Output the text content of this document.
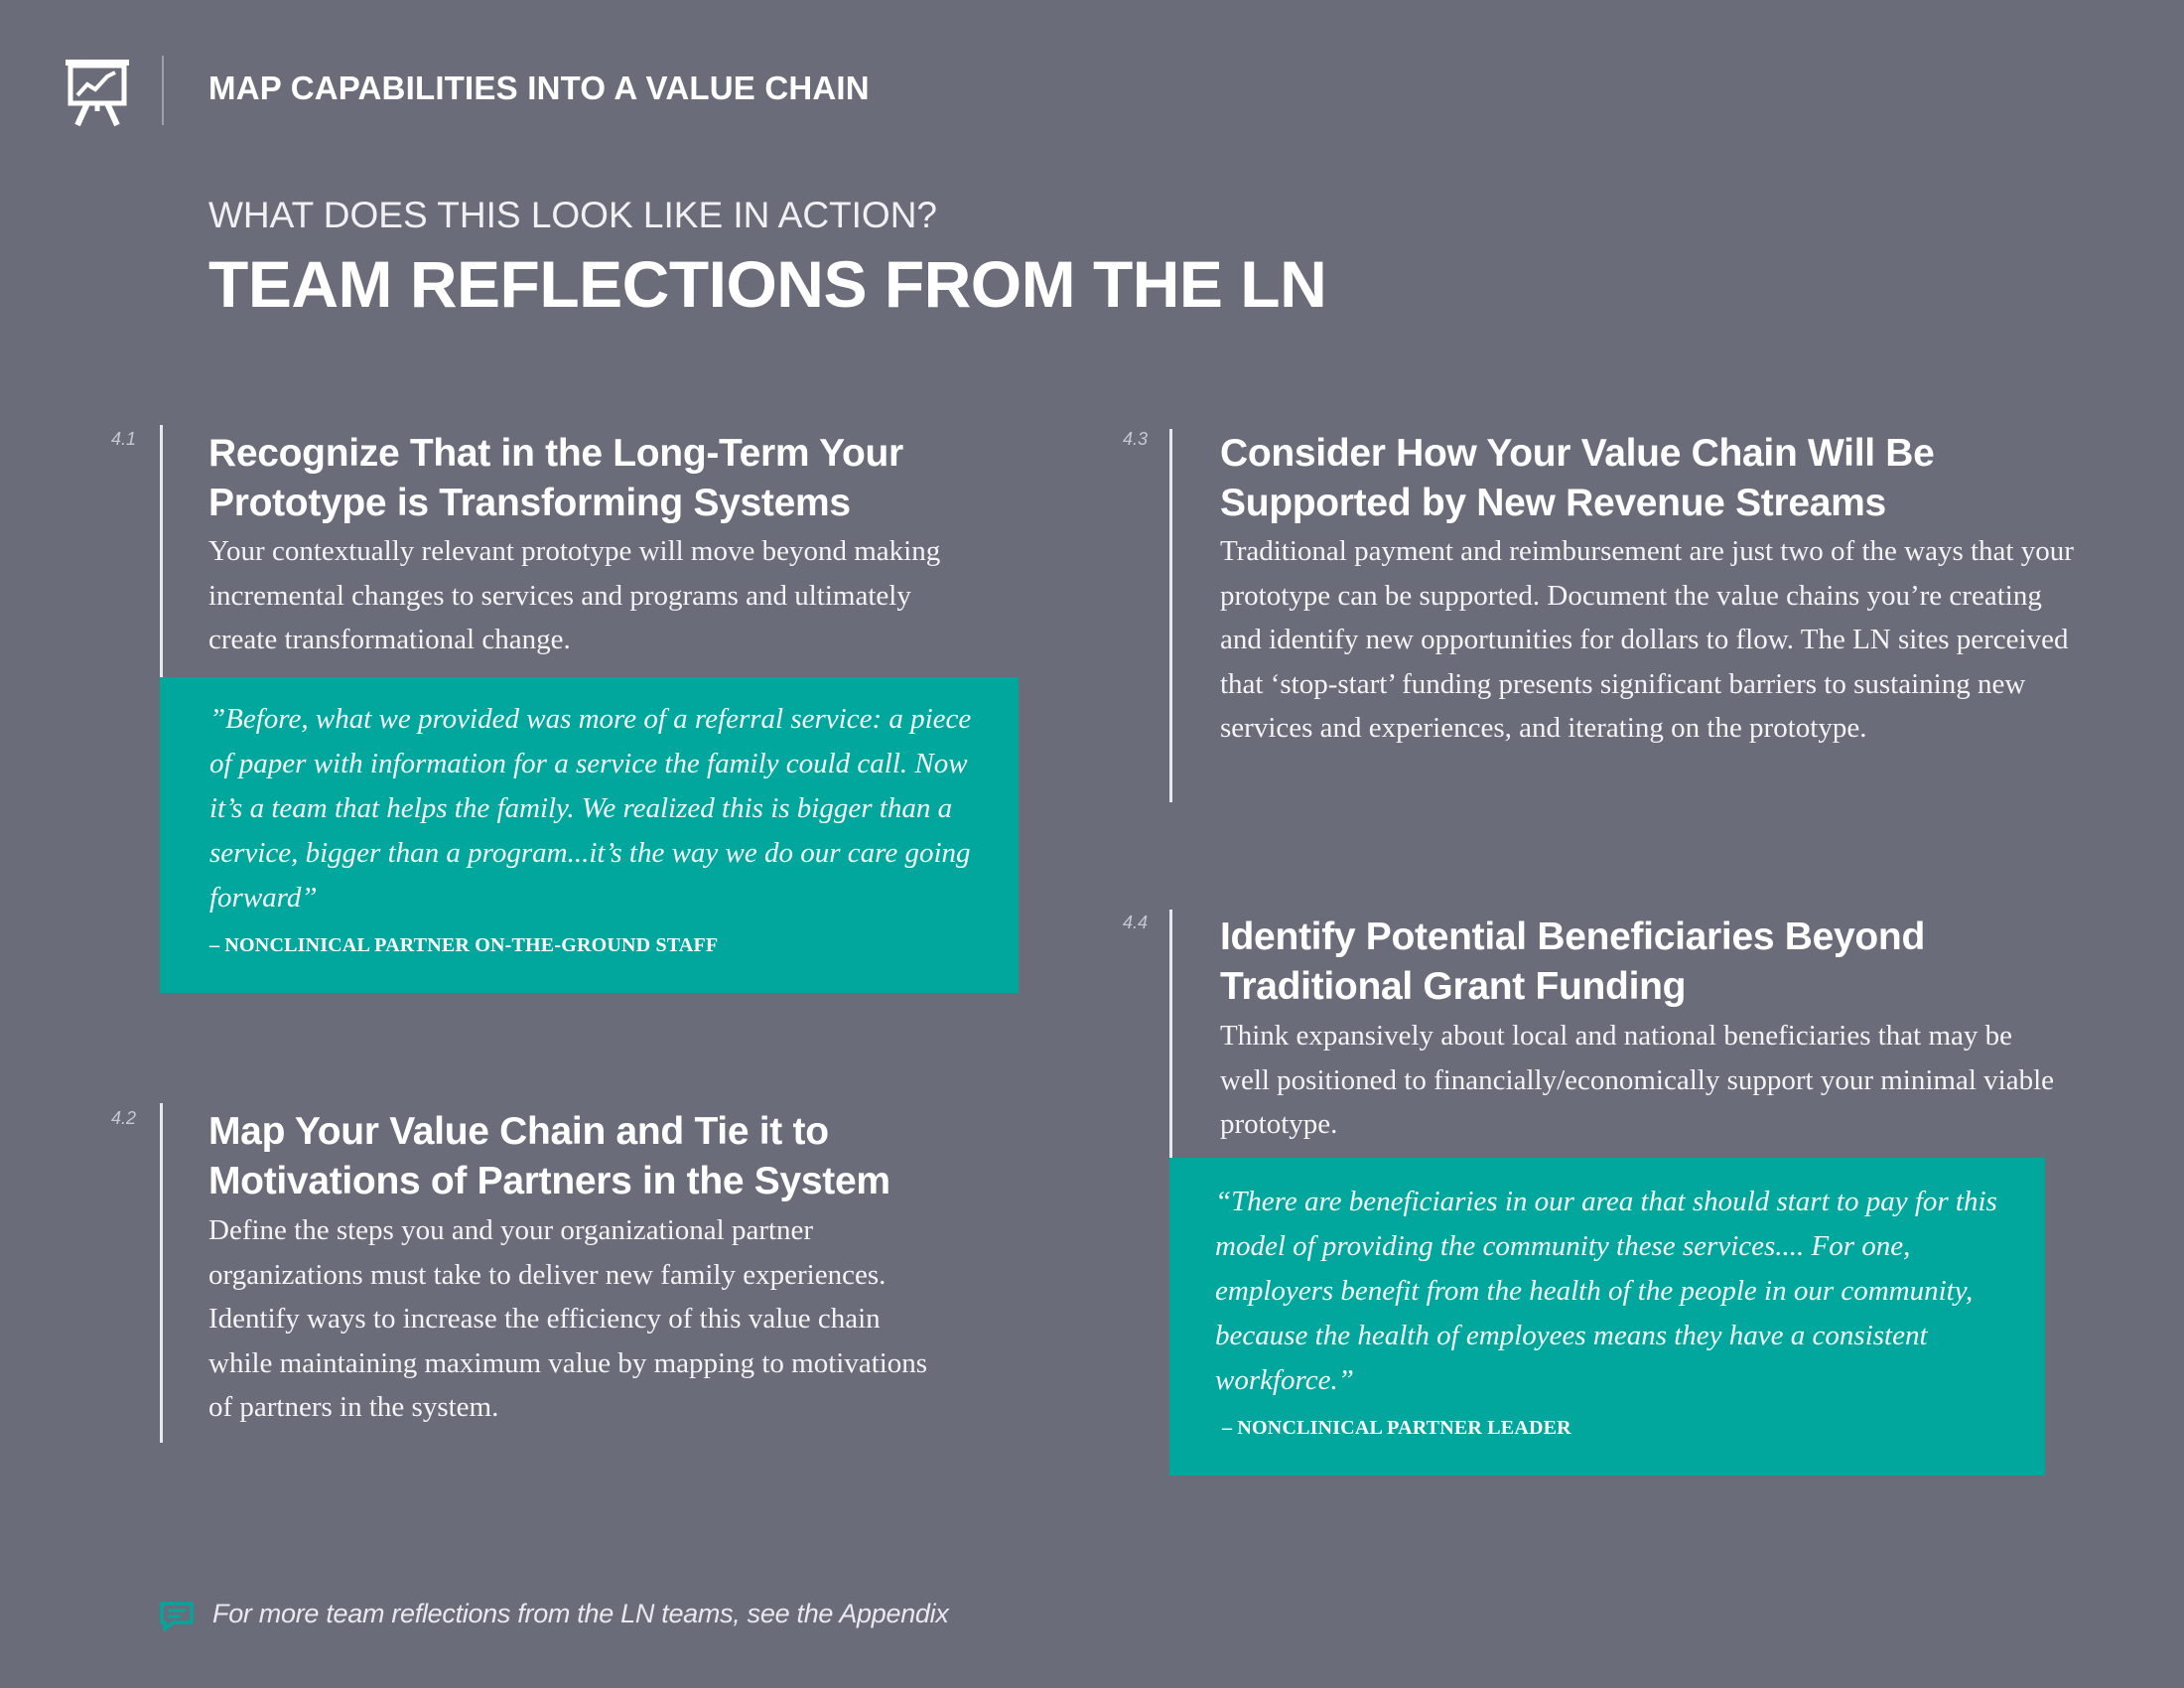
MAP CAPABILITIES INTO A VALUE CHAIN
WHAT DOES THIS LOOK LIKE IN ACTION?
TEAM REFLECTIONS FROM THE LN
4.1 Recognize That in the Long-Term Your Prototype is Transforming Systems
Your contextually relevant prototype will move beyond making incremental changes to services and programs and ultimately create transformational change.
”Before, what we provided was more of a referral service: a piece of paper with information for a service the family could call. Now it’s a team that helps the family. We realized this is bigger than a service, bigger than a program...it’s the way we do our care going forward”
– NONCLINICAL PARTNER ON-THE-GROUND STAFF
4.2 Map Your Value Chain and Tie it to Motivations of Partners in the System
Define the steps you and your organizational partner organizations must take to deliver new family experiences. Identify ways to increase the efficiency of this value chain while maintaining maximum value by mapping to motivations of partners in the system.
4.3 Consider How Your Value Chain Will Be Supported by New Revenue Streams
Traditional payment and reimbursement are just two of the ways that your prototype can be supported. Document the value chains you’re creating and identify new opportunities for dollars to flow. The LN sites perceived that ‘stop-start’ funding presents significant barriers to sustaining new services and experiences, and iterating on the prototype.
4.4 Identify Potential Beneficiaries Beyond Traditional Grant Funding
Think expansively about local and national beneficiaries that may be well positioned to financially/economically support your minimal viable prototype.
“There are beneficiaries in our area that should start to pay for this model of providing the community these services.... For one, employers benefit from the health of the people in our community, because the health of employees means they have a consistent workforce.”
– NONCLINICAL PARTNER LEADER
For more team reflections from the LN teams, see the Appendix
